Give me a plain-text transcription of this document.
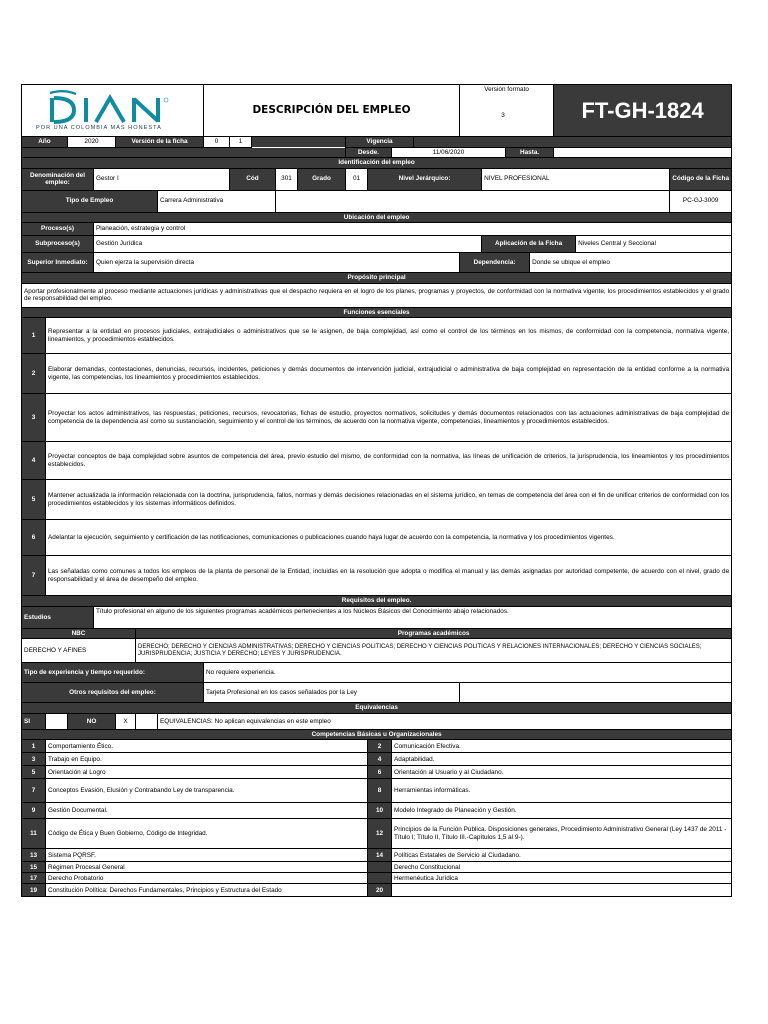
POR UNA COLOMBIA MÁS HONESTA							DESCRIPCIÓN DEL EMPLEO									Versión formato				FT-GH-1824		

Año		2020		Versión de la ficha			0	1				Vigencia										
												Desde.		11/06/2020				Hasta.				
Identificación del empleo																						
Denominación del empleo:			Gestor I					Cód		301	Grado	01	Nivel Jerárquico:				NIVEL PROFESIONAL					Código de la Ficha
Tipo de Empleo						Carrera Administrativa																PC-GJ-3009
Ubicación del empleo																						
Proceso(s)			Planeación, estrategia y control																			
Subproceso(s)			Gestión Jurídica														Aplicación de la Ficha				Niveles Central y Seccional	
Superior Inmediato:			Quien ejerza la supervisión directa													Dependencia:			Donde se ubique el empleo			
Propósito principal																						
Aportar profesionalmente al proceso mediante actuaciones jurídicas y administrativas que el despacho requiera en el logro de los planes, programas y proyectos, de conformidad con la normativa vigente, los procedimientos establecidos y el grado de responsabilidad del empleo.																						
Funciones esenciales																						
1	Representar a la entidad en procesos judiciales, extrajudiciales o administrativos que se le asignen, de baja complejidad, así como el control de los términos en los mismos, de conformidad con la competencia, normativa vigente, lineamientos, y procedimientos establecidos.																					
2	Elaborar demandas, contestaciones, denuncias, recursos, incidentes, peticiones y demás documentos de intervención judicial, extrajudicial o administrativa de baja complejidad en representación de la entidad conforme a la normativa vigente, las competencias, los lineamientos y procedimientos establecidos.																					
3	Proyectar los actos administrativos, las respuestas, peticiones, recursos, revocatorias, fichas de estudio, proyectos normativos, solicitudes y demás documentos relacionados con las actuaciones administrativas de baja complejidad de competencia de la dependencia así como su sustanciación, seguimiento y el control de los términos, de acuerdo con la normativa vigente, competencias, lineamientos y procedimientos establecidos.																					
4	Proyectar conceptos de baja complejidad sobre asuntos de competencia del área, previo estudio del mismo, de conformidad con la normativa, las líneas de unificación de criterios, la jurisprudencia, los lineamientos y los procedimientos establecidos.																					
5	Mantener actualizada la información relacionada con la doctrina, jurisprudencia, fallos, normas y demás decisiones relacionadas en el sistema jurídico, en temas de competencia del área con el fin de unificar criterios de conformidad con los procedimientos establecidos y los sistemas informáticos definidos.																					
6	Adelantar la ejecución, seguimiento y certificación de las notificaciones, comunicaciones o publicaciones cuando haya lugar de acuerdo con la competencia, la normativa y los procedimientos vigentes.																					
7	Las señaladas como comunes a todos los empleos de la planta de personal de la Entidad, incluidas en la resolución que adopta o modifica el manual y las demás asignadas por autoridad competente, de acuerdo con el nivel, grado de responsabilidad y el área de desempeño del empleo.																					
Requisitos del empleo.																						
Estudios			Título profesional en alguno de los siguientes programas académicos pertenecientes a los Núcleos Básicos del Conocimiento abajo relacionados.																			
NBC					Programas académicos																	
DERECHO Y AFINES					DERECHO; DERECHO Y CIENCIAS ADMINISTRATIVAS; DERECHO Y CIENCIAS POLITICAS; DERECHO Y CIENCIAS POLITICAS Y RELACIONES INTERNACIONALES; DERECHO Y CIENCIAS SOCIALES; JURISPRUDENCIA; JUSTICIA Y DERECHO; LEYES Y JURISPRUDENCIA.																	
Tipo de experiencia y tiempo requerido:							No requiere experiencia.															
Otros requisitos del empleo:							Tarjeta Profesional en los casos señalados por la Ley															
Equivalencias																						
SI		NO		X		EQUIVALENCIAS: No aplican equivalencias en este empleo																
Competencias Básicas u Organizacionales																						
1	Comportamiento Ético.												2	Comunicación Efectiva.								
3	Trabajo en Equipo.												4	Adaptabilidad.								
5	Orientación al Logro												6	Orientación al Usuario y al Ciudadano.								
7	Conceptos Evasión, Elusión y Contrabando Ley de transparencia.												8	Herramientas informáticas.								
9	Gestión Documental.												10	Modelo Integrado de Planeación y Gestión.								
11	Código de Ética y Buen Gobierno, Código de Integridad.												12	Principios de la Función Pública. Disposiciones generales, Procedimiento Administrativo General (Ley 1437 de 2011 -Título I; Título II, Título III.-Capítulos 1,5 al 9-).								
13	Sistema PQRSF.												14	Políticas Estatales de Servicio al Ciudadano.								
15	Régimen Procesal General													Derecho Constitucional								
17	Derecho Probatorio													Hermenéutica Jurídica								
19	Constitución Política: Derechos Fundamentales, Principios y Estructura del Estado												20									
3
